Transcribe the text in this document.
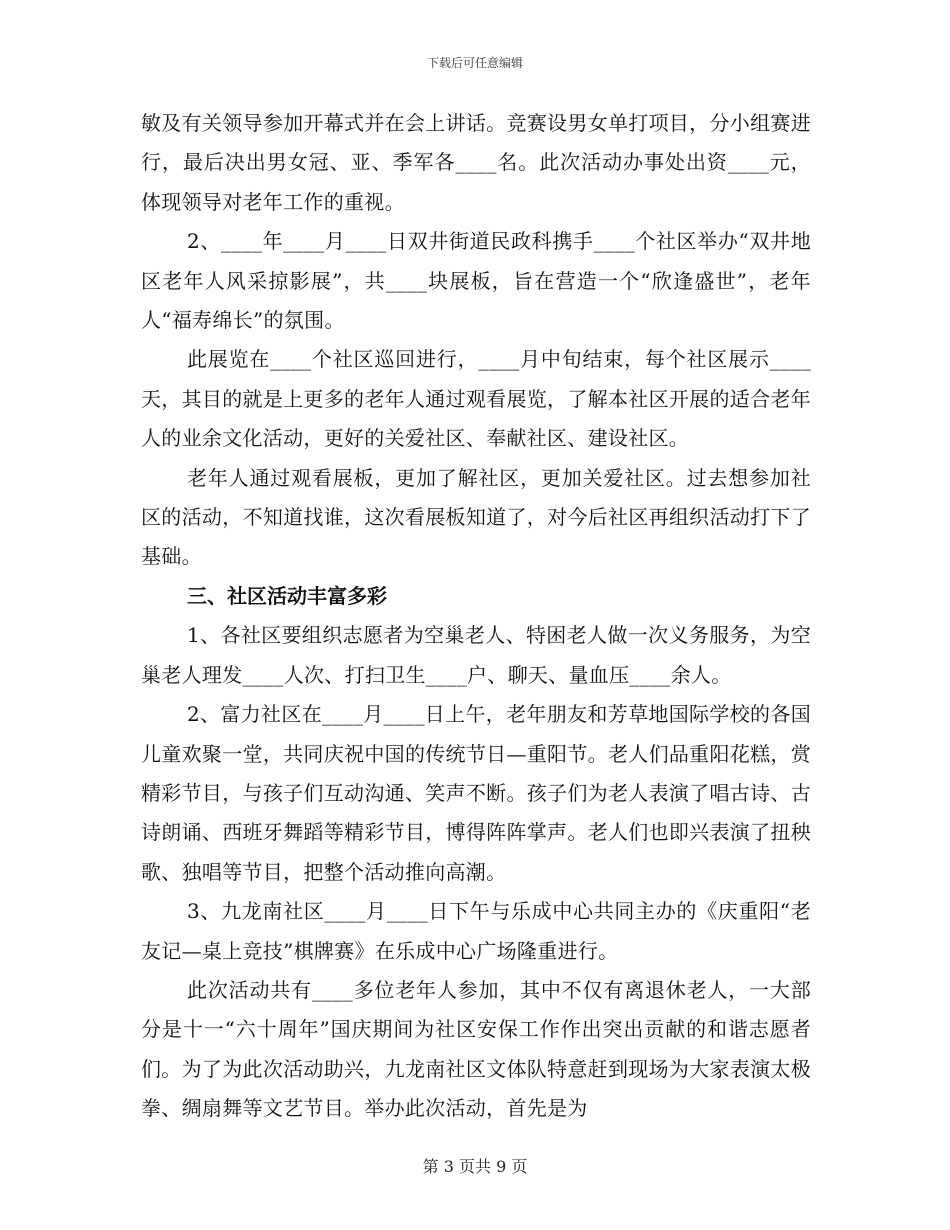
下载后可任意编辑

敏及有关领导参加开幕式并在会上讲话。竞赛设男女单打项目，分小组赛进行，最后决出男女冠、亚、季军各____名。此次活动办事处出资____元，体现领导对老年工作的重视。

2、____年____月____日双井街道民政科携手____个社区举办“双井地区老年人风采掠影展”，共____块展板，旨在营造一个“欣逢盛世”，老年人“福寿绵长”的氛围。

此展览在____个社区巡回进行，____月中旬结束，每个社区展示____天，其目的就是上更多的老年人通过观看展览，了解本社区开展的适合老年人的业余文化活动，更好的关爱社区、奉献社区、建设社区。

老年人通过观看展板，更加了解社区，更加关爱社区。过去想参加社区的活动，不知道找谁，这次看展板知道了，对今后社区再组织活动打下了基础。

三、社区活动丰富多彩

1、各社区要组织志愿者为空巢老人、特困老人做一次义务服务，为空巢老人理发____人次、打扫卫生____户、聊天、量血压____余人。

2、富力社区在____月____日上午，老年朋友和芳草地国际学校的各国儿童欢聚一堂，共同庆祝中国的传统节日—重阳节。老人们品重阳花糕，赏精彩节目，与孩子们互动沟通、笑声不断。孩子们为老人表演了唱古诗、古诗朗诵、西班牙舞蹈等精彩节目，博得阵阵掌声。老人们也即兴表演了扭秧歌、独唱等节目，把整个活动推向高潮。

3、九龙南社区____月____日下午与乐成中心共同主办的《庆重阳“老友记—桌上竞技”棋牌赛》在乐成中心广场隆重进行。

此次活动共有____多位老年人参加，其中不仅有离退休老人，一大部分是十一“六十周年”国庆期间为社区安保工作作出突出贡献的和谐志愿者们。为了为此次活动助兴，九龙南社区文体队特意赶到现场为大家表演太极拳、绸扇舞等文艺节目。举办此次活动，首先是为

第 3 页共 9 页
